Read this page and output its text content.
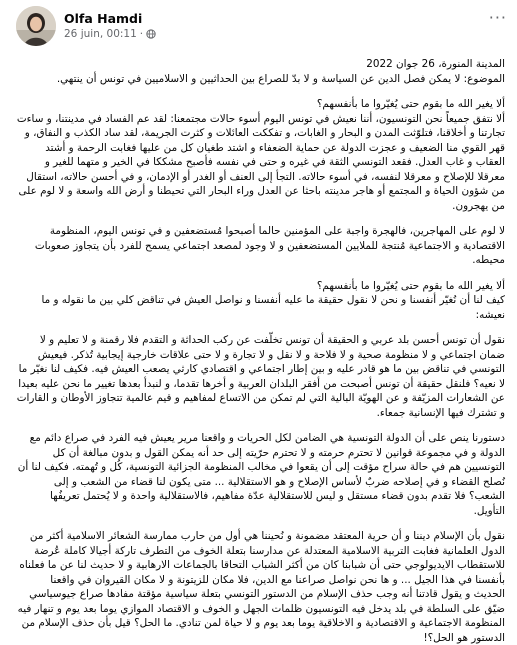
Olfa Hamdi
26 juin, 00:11 ·
···

المدينة المنورة، 26 جوان 2022

الموضوع: لا يمكن فصل الدين عن السياسة و لا بدّ للصراع بين الحداثيين و الاسلاميين في تونس أن ينتهي.

ألا يغير الله ما بقوم حتى يُغيّروا ما بأنفسهم؟

ألا نتفق جميعاً نحن التونسيون، أننا نعيش في تونس اليوم أسوء حالات مجتمعنا: لقد عم الفساد في مدينتنا، و ساءت تجارتنا و أخلاقنا، فتلوّثت المدن و البحار و الغابات، و تفككت العائلات و كثرت الجريمة، لقد ساد الكذب و النفاق، و قهر القوي منا الضعيف و عجزت الدولة عن حماية الضعفاء و اشتد طغيان كل من عليها فغابت الرحمة و أشتد العقاب و غاب العدل. فقعد التونسي الثقة في غيره و حتى في نفسه فأصبح مشككا في الخير و متهما للغير و معرقلا للإصلاح و معرقلا لنفسه، في أسوء حالاته. التجأ إلى العنف أو الغدر أو الإدمان، و في أحسن حالاته، استقال من شؤون الحياة و المجتمع أو هاجر مدينته باحثا عن العدل وراء البحار التي تحيطنا و أرض الله واسعة و لا لوم على من يهجرون.

لا لوم على المهاجرين، فالهجرة واجبة على المؤمنين حالما أصبحوا مُستضعفين و في تونس اليوم، المنظومة الاقتصادية و الاجتماعية مُنتجة للملايين المستضعفين و لا وجود لمصعد اجتماعي يسمح للفرد بأن يتجاوز صعوبات محيطه.

ألا يغير الله ما بقوم حتى يُغيّروا ما بأنفسهم؟

كيف لنا أن نُغيّر أنفسنا و نحن لا نقول حقيقة ما عليه أنفسنا و نواصل العيش في تناقض كلي بين ما نقوله و ما نعيشه:

نقول أن تونس أحسن بلد عربي و الحقيقة أن تونس تخلّفت عن ركب الحداثة و التقدم فلا رقمنة و لا تعليم و لا ضمان اجتماعي و لا منظومة صحية و لا فلاحة و لا نقل و لا تجارة و لا حتى علاقات خارجية إيجابية تُذكر. فيعيش التونسي في تناقض بين ما هو قادر عليه و بين إطار اجتماعي و اقتصادي كارثي يصعب العيش فيه. فكيف لنا نغيّر ما لا نعيه؟ فلنقل حقيقة أن تونس أصبحت من أفقر البلدان العربية و أخرها تقدما، و لنبدأ بعدها تغيير ما نحن عليه بعيدا عن الشعارات المزيّفة و عن الهويّة البالية التي لم تمكن من الاتساع لمفاهيم و قيم عالمية تتجاوز الأوطان و القارات و تشترك فيها الإنسانية جمعاء.

دستورنا ينص على أن الدولة التونسية هي الضامن لكل الحريات و واقعنا مرير يعيش فيه الفرد في صراع دائم مع الدولة و في مجموعة قوانين لا تحترم حرمته و لا تحترم حرّيته إلى حد أنه يمكن القول و بدون مبالغة أن كل التونسيين هم في حالة سراح مؤقت إلى أن يقعوا في مخالب المنظومة الجزائية التونسية، كُل و تُهمته. فكيف لنا أن نُصلح القضاء و في إصلاحه ضربٌ لأساس الإصلاح و هو الاستقلالية ... متى يكون لنا قضاء من الشعب و إلى الشعب؟ فلا تقدم بدون قضاء مستقل و ليس للاستقلالية عدّة مفاهيم، فالاستقلالية واحدة و لا يُحتمل تعريفُها التأويل.

نقول بأن الإسلام ديننا و أن حرية المعتقد مضمونة و نُحيننا هي أول من حارب ممارسة الشعائر الاسلامية أكثر من الدول العلمانية فغابت التربية الاسلامية المعتدلة عن مدارسنا بتعلة الخوف من التطرف تاركة أجيالا كاملة عُرضة للاستقطاب الايديولوجي حتى أن شبابنا كان من أكثر الشباب التحاقا بالجماعات الارهابية و لا حديث لنا عن ما فعلناه بأنفسنا في هذا الجيل ... و ها نحن نواصل صراعنا مع الدين، فلا مكان للزيتونة و لا مكان القيروان في واقعنا الحديث و يقول قادتنا أنه وجب حذف الإسلام من الدستور التونسي بتعلة سياسية مؤقتة مفادها صراع جيوسياسي ضيّق على السلطة في بلد يدخل فيه التونسيون ظلمات الجهل و الخوف و الاقتصاد الموازي يوما بعد يوم و تنهار فيه المنظومة الاجتماعية و الاقتصادية و الاخلاقية يوما بعد يوم و لا حياة لمن تنادي. ما الحل؟ قيل بأن حذف الإسلام من الدستور هو الحل؟!
